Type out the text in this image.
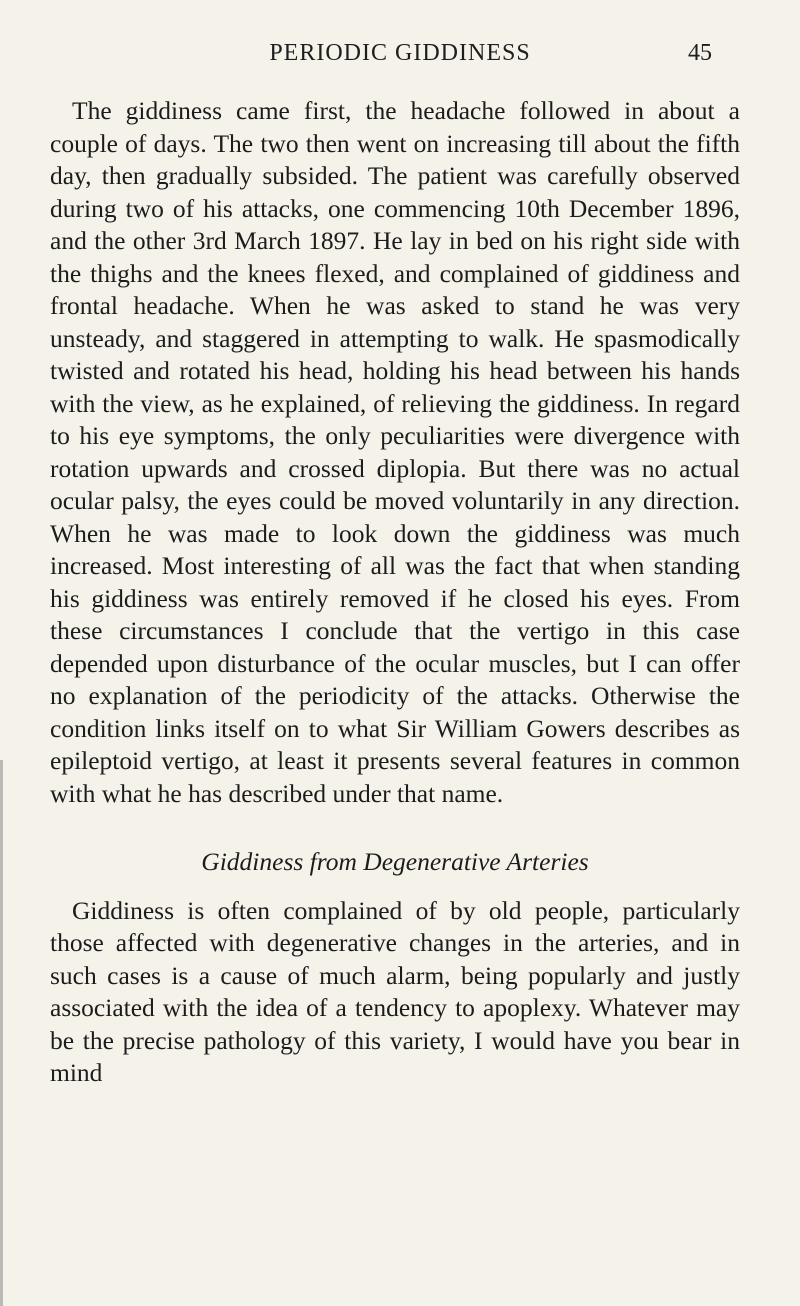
PERIODIC GIDDINESS	45

The giddiness came first, the headache followed in about a couple of days. The two then went on increasing till about the fifth day, then gradually subsided. The patient was carefully observed during two of his attacks, one commencing 10th December 1896, and the other 3rd March 1897. He lay in bed on his right side with the thighs and the knees flexed, and complained of giddiness and frontal headache. When he was asked to stand he was very unsteady, and staggered in attempting to walk. He spasmodically twisted and rotated his head, holding his head between his hands with the view, as he explained, of relieving the giddiness. In regard to his eye symptoms, the only peculiarities were divergence with rotation upwards and crossed diplopia. But there was no actual ocular palsy, the eyes could be moved voluntarily in any direction. When he was made to look down the giddiness was much increased. Most interesting of all was the fact that when standing his giddiness was entirely removed if he closed his eyes. From these circumstances I conclude that the vertigo in this case depended upon disturbance of the ocular muscles, but I can offer no explanation of the periodicity of the attacks. Otherwise the condition links itself on to what Sir William Gowers describes as epileptoid vertigo, at least it presents several features in common with what he has described under that name.

Giddiness from Degenerative Arteries

Giddiness is often complained of by old people, particularly those affected with degenerative changes in the arteries, and in such cases is a cause of much alarm, being popularly and justly associated with the idea of a tendency to apoplexy. Whatever may be the precise pathology of this variety, I would have you bear in mind
